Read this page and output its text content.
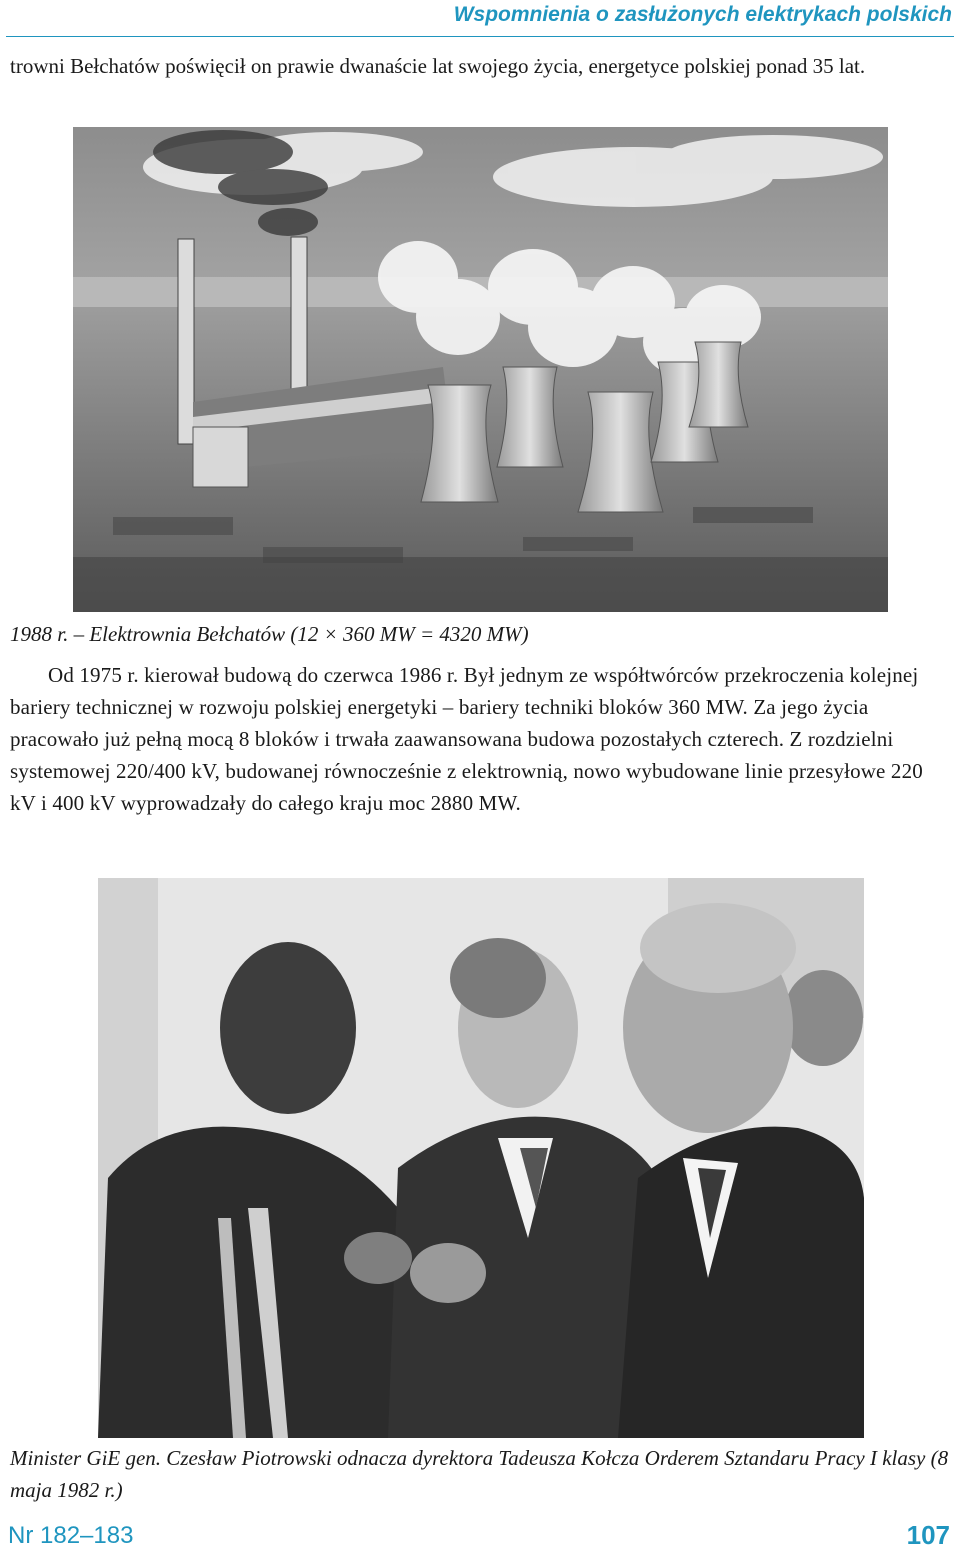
Wspomnienia o zasłużonych elektrykach polskich

trowni Bełchatów poświęcił on prawie dwanaście lat swojego życia, energetyce polskiej ponad 35 lat.

1988 r. – Elektrownia Bełchatów (12 × 360 MW = 4320 MW)

Od 1975 r. kierował budową do czerwca 1986 r. Był jednym ze współtwórców przekroczenia kolejnej bariery technicznej w rozwoju polskiej energetyki – bariery techniki bloków 360 MW. Za jego życia pracowało już pełną mocą 8 bloków i trwała zaawansowana budowa pozostałych czterech. Z rozdzielni systemowej 220/400 kV, budowanej równocześnie z elektrownią, nowo wybudowane linie przesyłowe 220 kV i 400 kV wyprowadzały do całego kraju moc 2880 MW.

Minister GiE gen. Czesław Piotrowski odnacza dyrektora Tadeusza Kołcza Orderem Sztandaru Pracy I klasy (8 maja 1982 r.)

Nr 182–183	107
